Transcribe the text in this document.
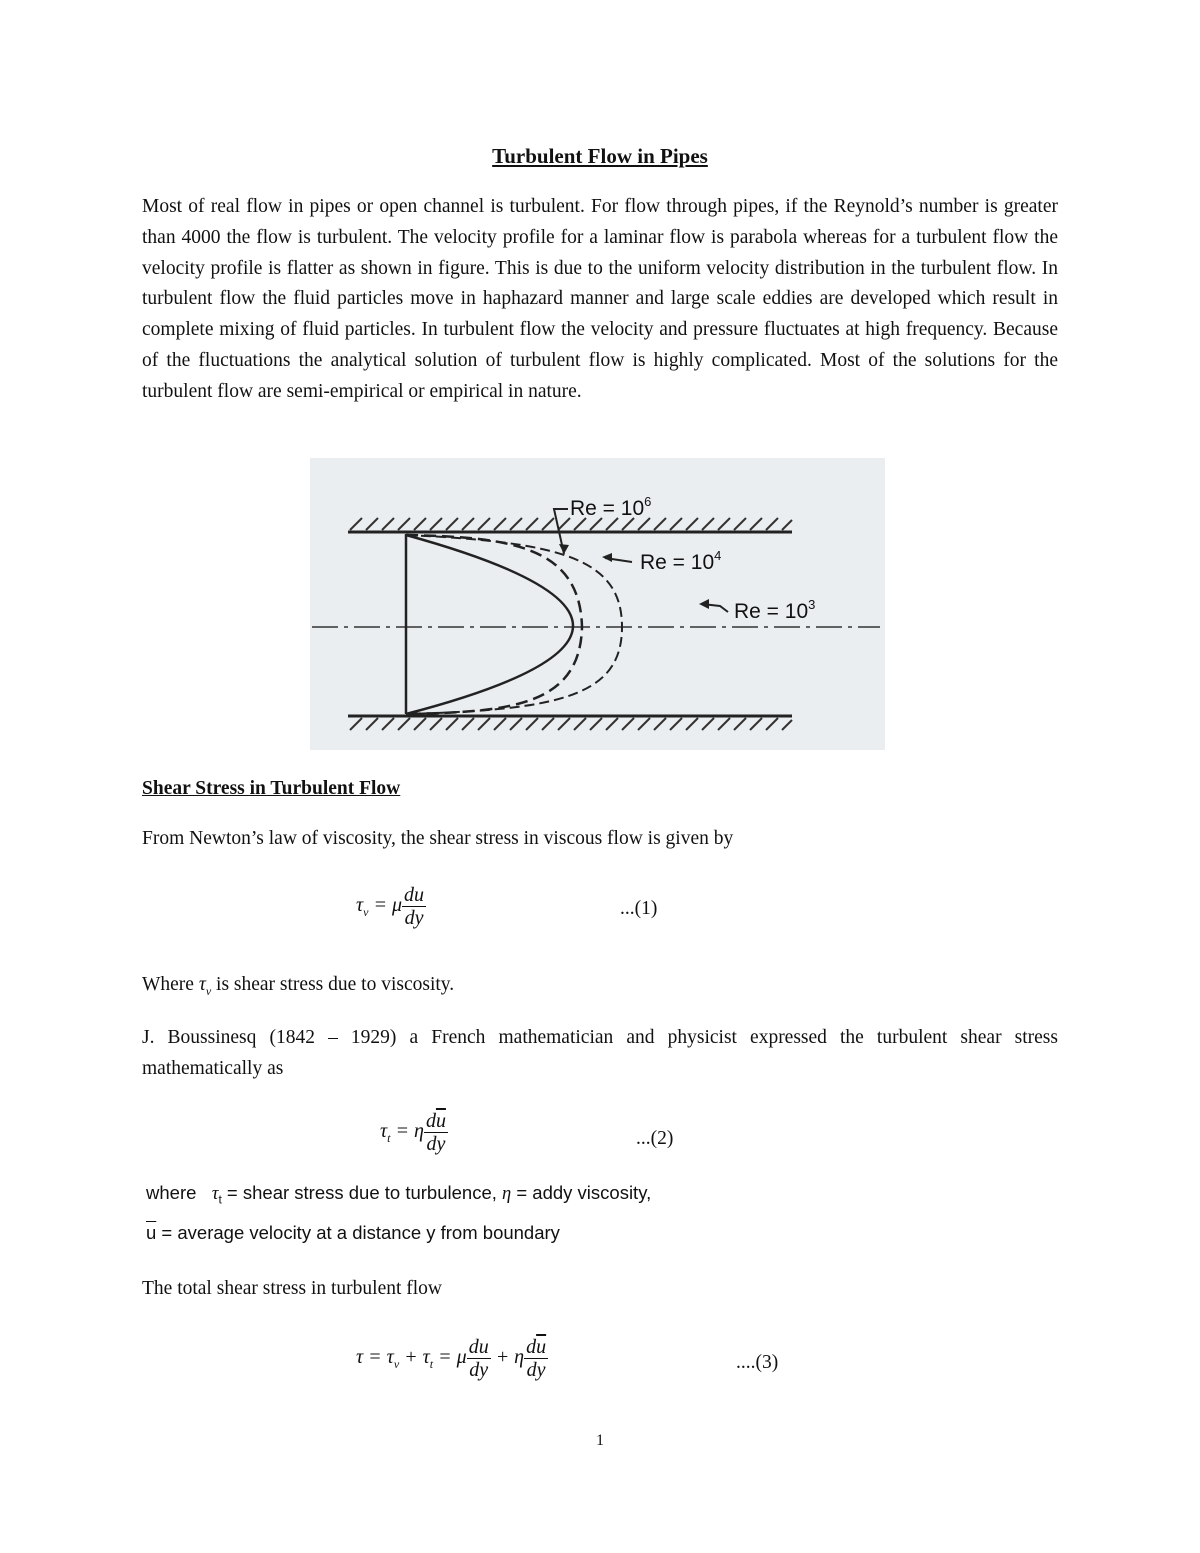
Turbulent Flow in Pipes
Most of real flow in pipes or open channel is turbulent. For flow through pipes, if the Reynold’s number is greater than 4000 the flow is turbulent. The velocity profile for a laminar flow is parabola whereas for a turbulent flow the velocity profile is flatter as shown in figure. This is due to the uniform velocity distribution in the turbulent flow. In turbulent flow the fluid particles move in haphazard manner and large scale eddies are developed which result in complete mixing of fluid particles. In turbulent flow the velocity and pressure fluctuates at high frequency. Because of the fluctuations the analytical solution of turbulent flow is highly complicated. Most of the solutions for the turbulent flow are semi-empirical or empirical in nature.
$Re = 10^6$
$Re = 10^4$
$Re = 10^3$
Shear Stress in Turbulent Flow
From Newton’s law of viscosity, the shear stress in viscous flow is given by
$\tau_v = \mu \frac{du}{dy}$	...(1)
Where $\tau_v$ is shear stress due to viscosity.
J. Boussinesq (1842 – 1929) a French mathematician and physicist expressed the turbulent shear stress mathematically as
$\tau_t = \eta \frac{d\overline{u}}{dy}$	...(2)
where   $\tau_t$ = shear stress due to turbulence, η = addy viscosity,
$\overline{u}$ = average velocity at a distance y from boundary
The total shear stress in turbulent flow
$\tau = \tau_v + \tau_t = \mu \frac{du}{dy} + \eta \frac{d\overline{u}}{dy}$	....(3)
1
